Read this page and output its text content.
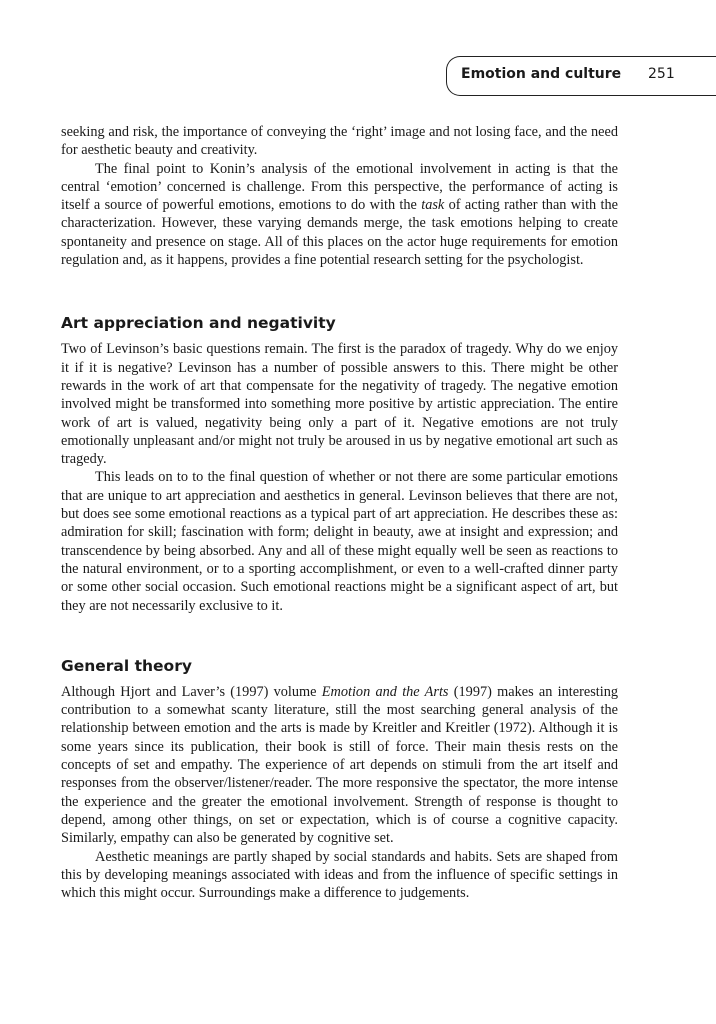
Emotion and culture 251

seeking and risk, the importance of conveying the ‘right’ image and not losing face, and the need for aesthetic beauty and creativity.

The final point to Konin’s analysis of the emotional involvement in acting is that the central ‘emotion’ concerned is challenge. From this perspective, the performance of acting is itself a source of powerful emotions, emotions to do with the task of acting rather than with the characterization. However, these varying demands merge, the task emotions helping to create spontaneity and presence on stage. All of this places on the actor huge requirements for emotion regulation and, as it happens, provides a fine potential research setting for the psychologist.

Art appreciation and negativity

Two of Levinson’s basic questions remain. The first is the paradox of tragedy. Why do we enjoy it if it is negative? Levinson has a number of possible answers to this. There might be other rewards in the work of art that compensate for the negativity of tragedy. The negative emotion involved might be transformed into something more positive by artistic appreciation. The entire work of art is valued, negativity being only a part of it. Negative emotions are not truly emotionally unpleasant and/or might not truly be aroused in us by negative emotional art such as tragedy.

This leads on to to the final question of whether or not there are some particular emotions that are unique to art appreciation and aesthetics in general. Levinson believes that there are not, but does see some emotional reactions as a typical part of art appreciation. He describes these as: admiration for skill; fascination with form; delight in beauty, awe at insight and expression; and transcendence by being absorbed. Any and all of these might equally well be seen as reactions to the natural environment, or to a sporting accomplishment, or even to a well-crafted dinner party or some other social occasion. Such emotional reactions might be a significant aspect of art, but they are not necessarily exclusive to it.

General theory

Although Hjort and Laver’s (1997) volume Emotion and the Arts (1997) makes an interesting contribution to a somewhat scanty literature, still the most searching general analysis of the relationship between emotion and the arts is made by Kreitler and Kreitler (1972). Although it is some years since its publication, their book is still of force. Their main thesis rests on the concepts of set and empathy. The experience of art depends on stimuli from the art itself and responses from the observer/listener/reader. The more responsive the spectator, the more intense the experience and the greater the emotional involvement. Strength of response is thought to depend, among other things, on set or expectation, which is of course a cognitive capacity. Similarly, empathy can also be generated by cognitive set.

Aesthetic meanings are partly shaped by social standards and habits. Sets are shaped from this by developing meanings associated with ideas and from the influence of specific settings in which this might occur. Surroundings make a difference to judgements.
